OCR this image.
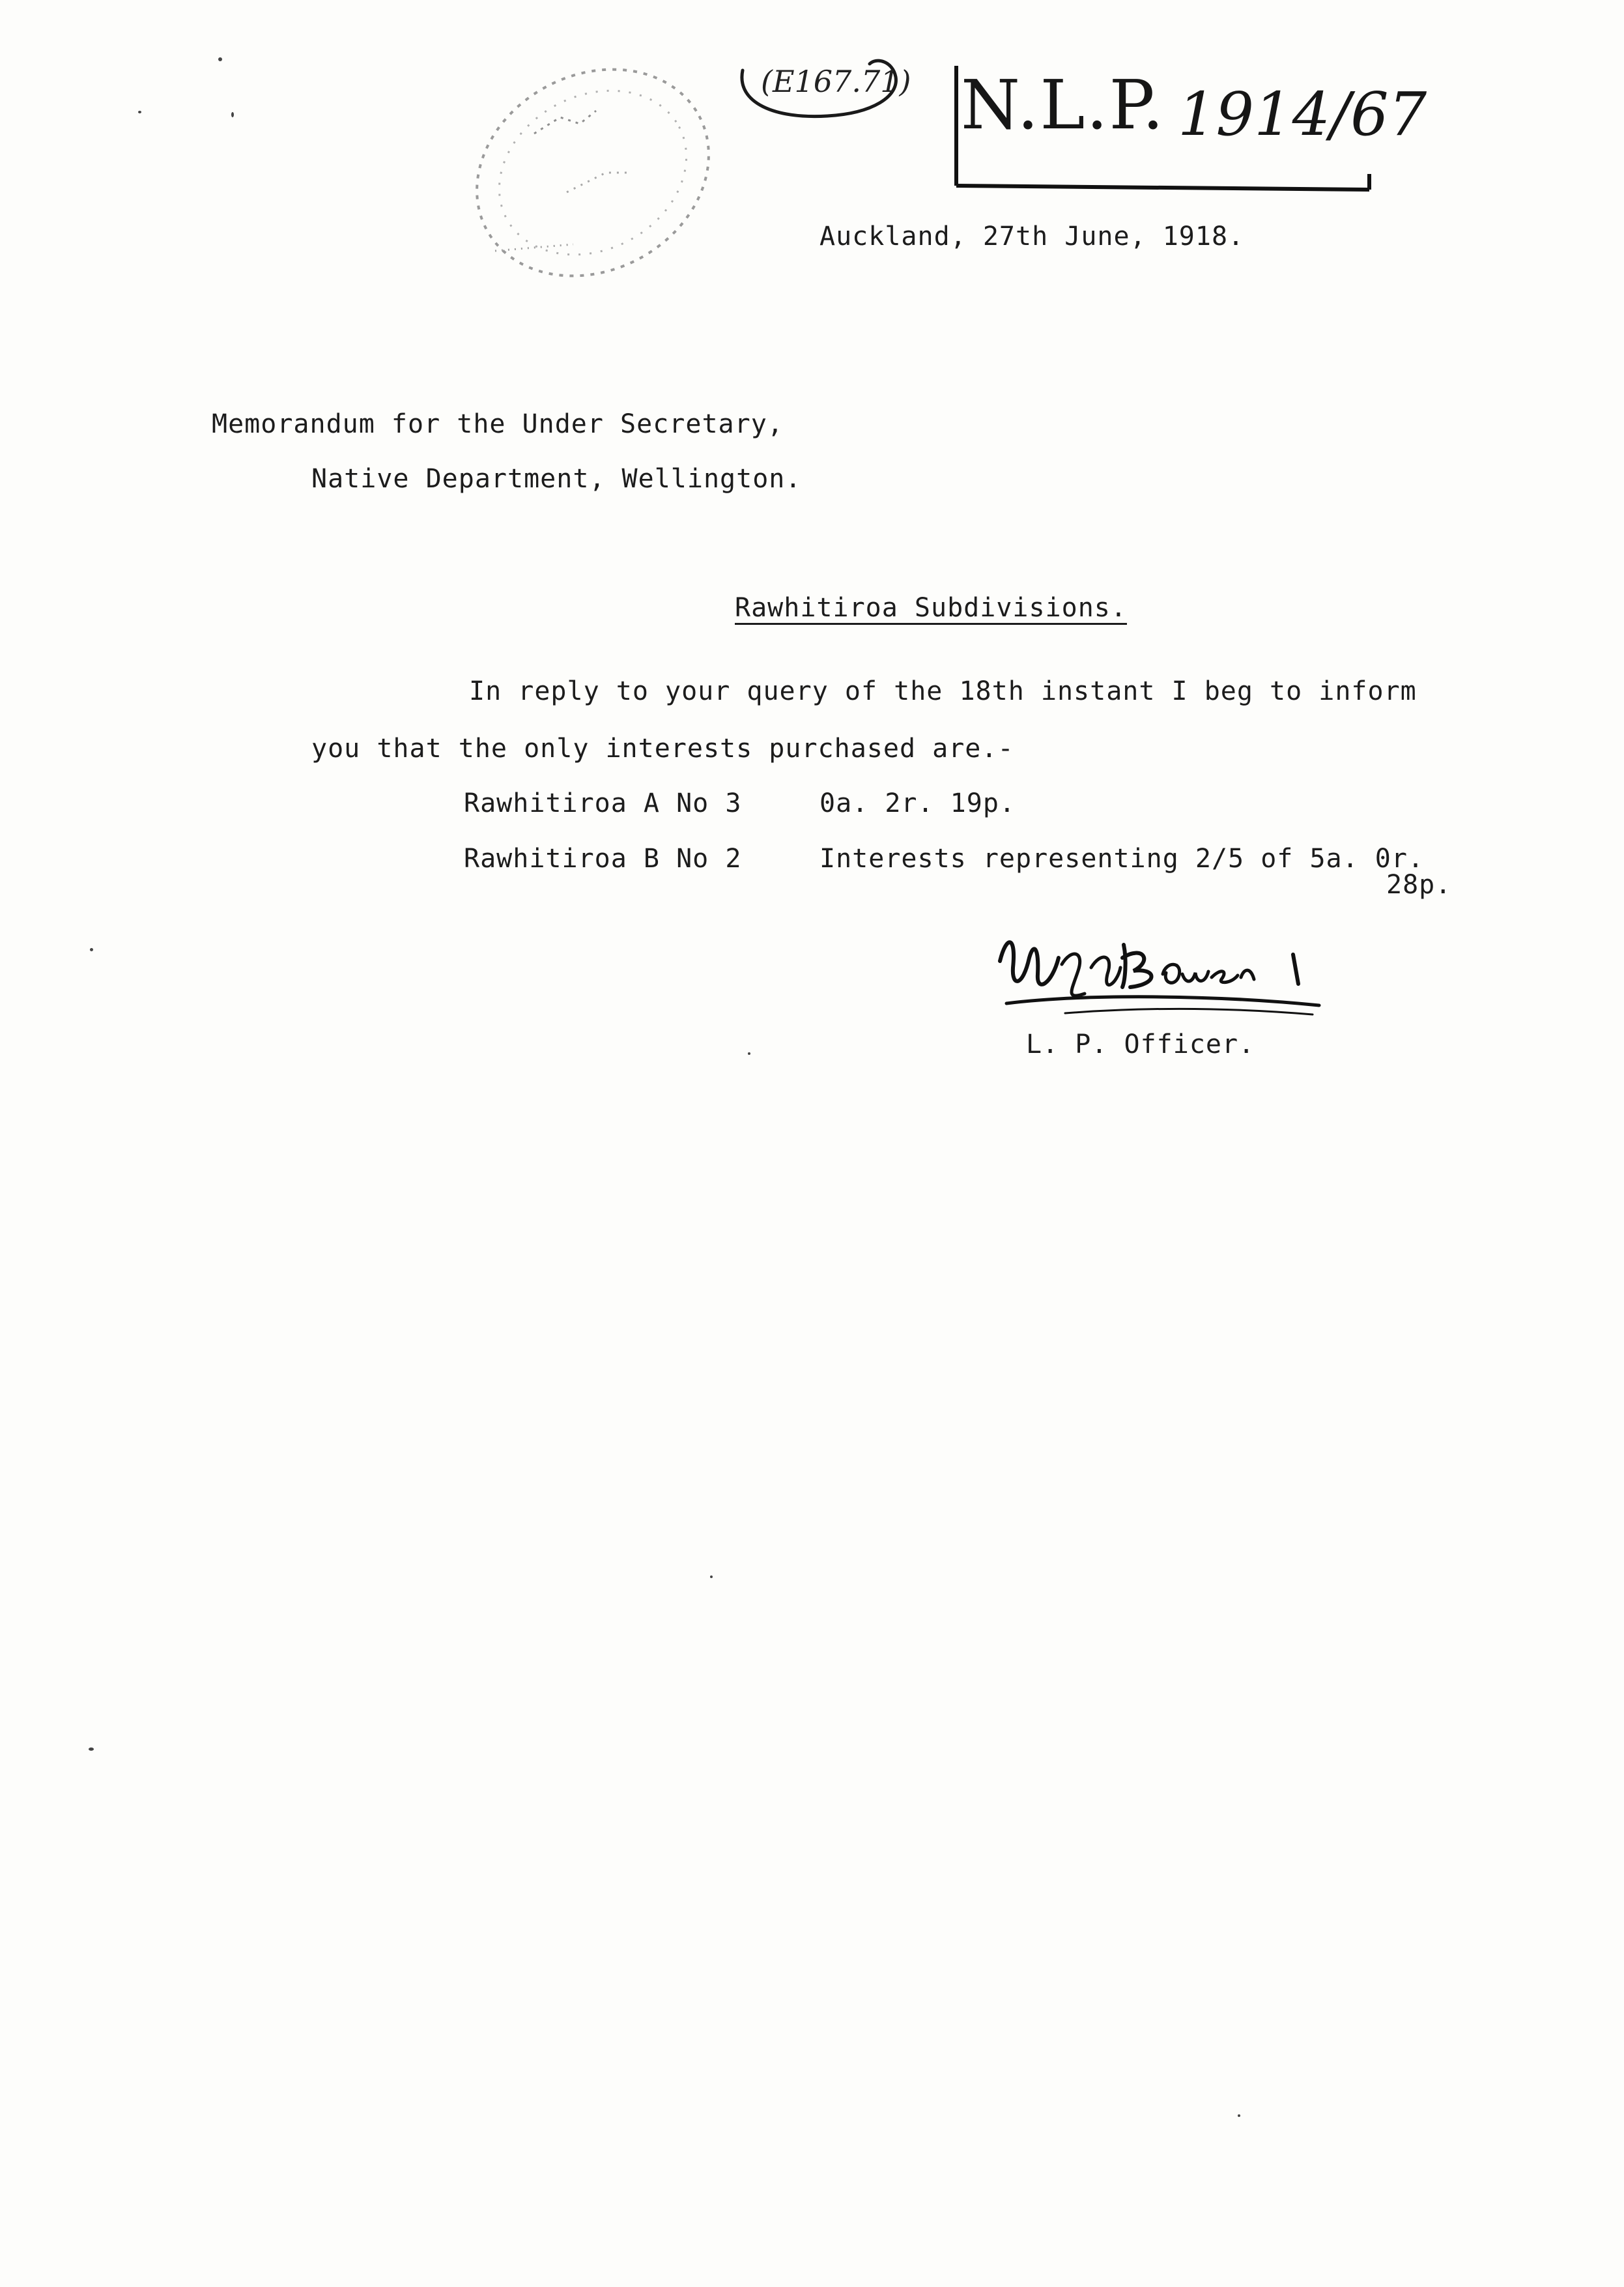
(E167.71) N.L.P. 1914/67
Auckland, 27th June, 1918.
Memorandum for the Under Secretary,
Native Department, Wellington.
Rawhitiroa Subdivisions.
In reply to your query of the 18th instant I beg to inform
you that the only interests purchased are.-
Rawhitiroa A No 3	0a. 2r. 19p.
Rawhitiroa B No 2	Interests representing 2/5 of 5a. 0r.
28p.
L. P. Officer.
